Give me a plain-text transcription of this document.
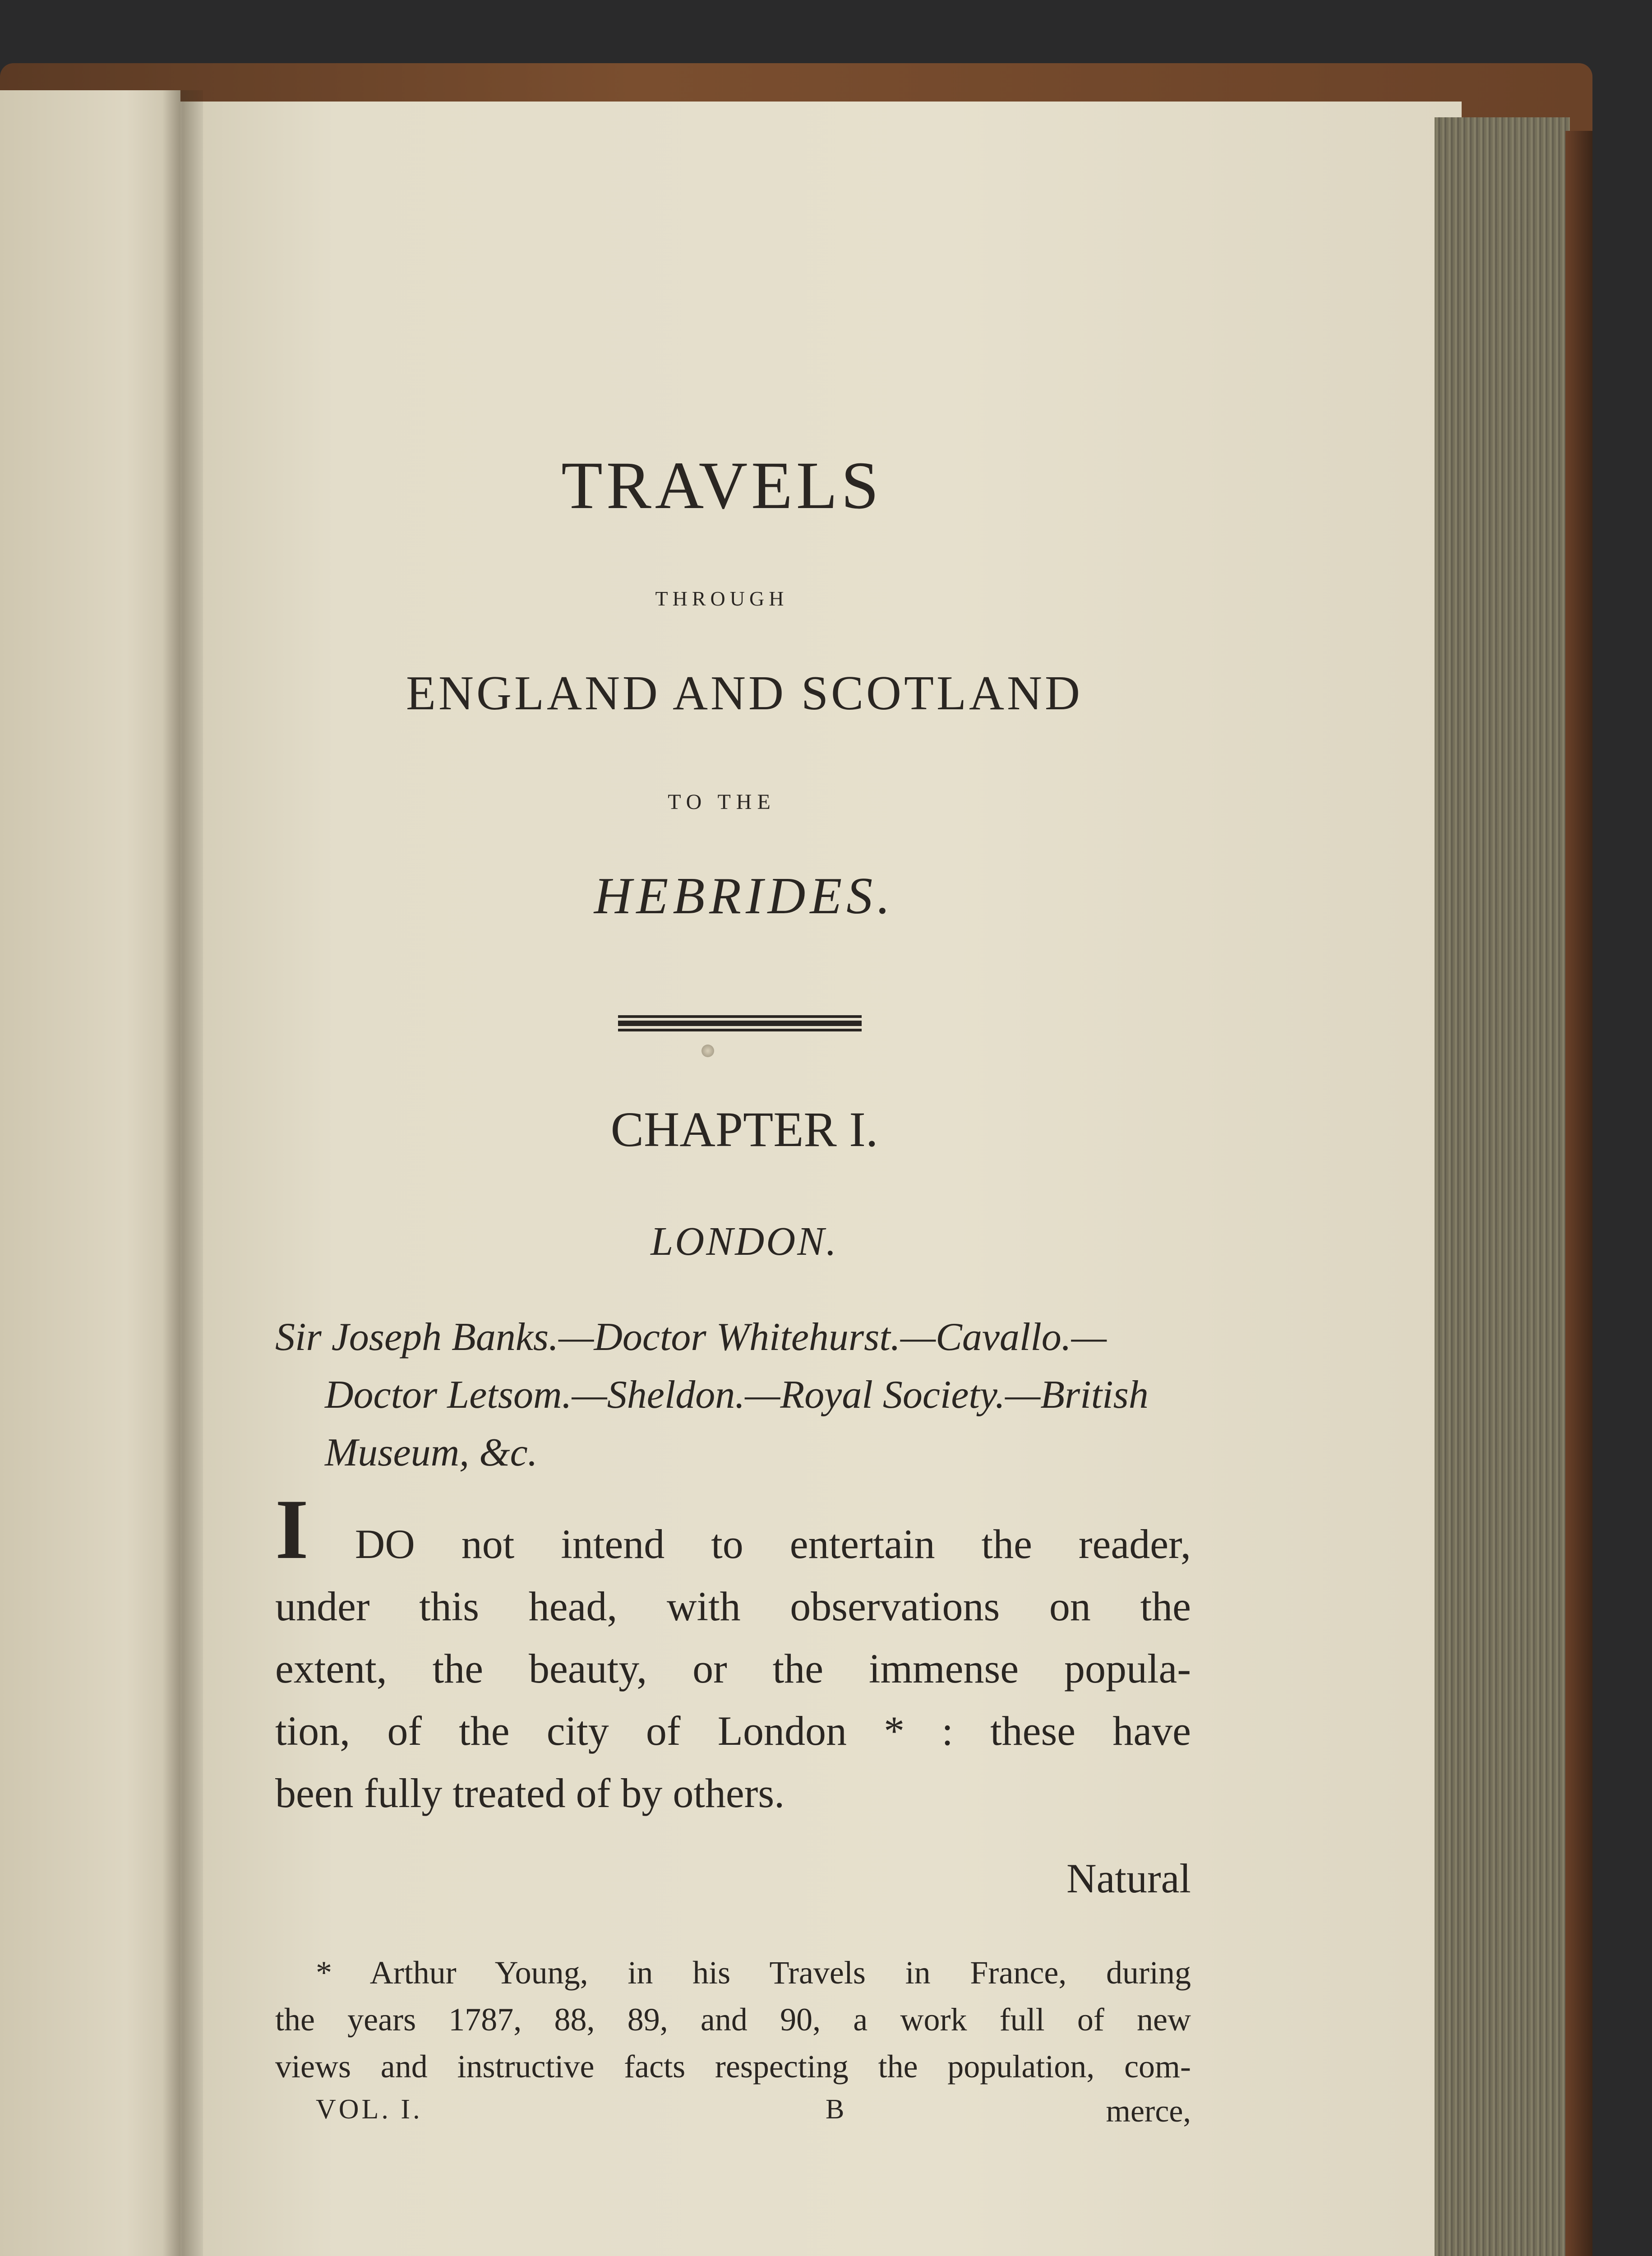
TRAVELS
THROUGH
ENGLAND AND SCOTLAND
TO THE
HEBRIDES.
CHAPTER I.
LONDON.
Sir Joseph Banks.—Doctor Whitehurst.—Cavallo.—
Doctor Letsom.—Sheldon.—Royal Society.—British
Museum, &c.
I DO not intend to entertain the reader,
under this head, with observations on the
extent, the beauty, or the immense popula-
tion, of the city of London * : these have
been fully treated of by others.
Natural
* Arthur Young, in his Travels in France, during
the years 1787, 88, 89, and 90, a work full of new
views and instructive facts respecting the population, com-
VOL. I.	B	merce,
